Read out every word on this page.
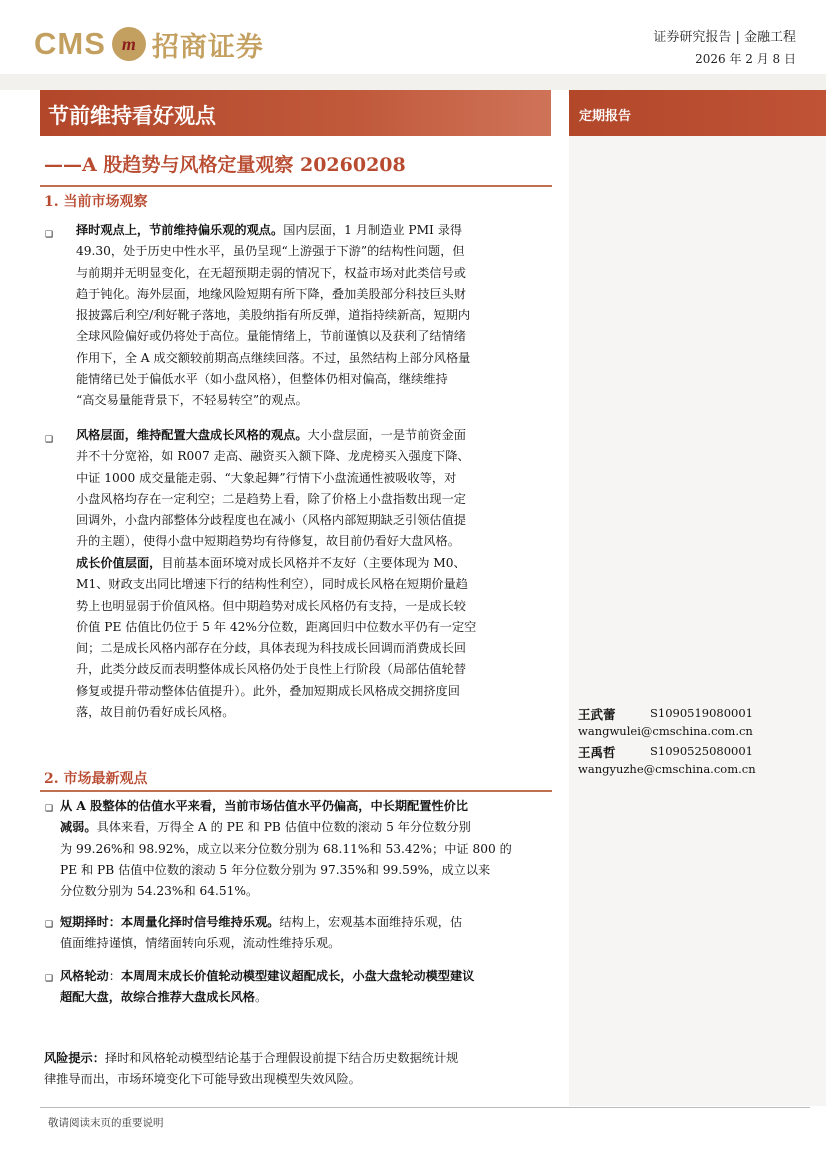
CMS m 招商证券	证券研究报告 | 金融工程
2026 年 2 月 8 日
节前维持看好观点
——A 股趋势与风格定量观察 20260208
定期报告
王武蕾	S1090519080001
wangwulei@cmschina.com.cn
王禹哲	S1090525080001
wangyuzhe@cmschina.com.cn
1. 当前市场观察
❑ 择时观点上，节前维持偏乐观的观点。国内层面，1 月制造业 PMI 录得
49.30，处于历史中性水平，虽仍呈现“上游强于下游”的结构性问题，但
与前期并无明显变化，在无超预期走弱的情况下，权益市场对此类信号或
趋于钝化。海外层面，地缘风险短期有所下降，叠加美股部分科技巨头财
报披露后利空/利好靴子落地，美股纳指有所反弹，道指持续新高，短期内
全球风险偏好或仍将处于高位。量能情绪上，节前谨慎以及获利了结情绪
作用下，全 A 成交额较前期高点继续回落。不过，虽然结构上部分风格量
能情绪已处于偏低水平（如小盘风格），但整体仍相对偏高，继续维持
“高交易量能背景下，不轻易转空”的观点。
❑ 风格层面，维持配置大盘成长风格的观点。大小盘层面，一是节前资金面
并不十分宽裕，如 R007 走高、融资买入额下降、龙虎榜买入强度下降、
中证 1000 成交量能走弱、“大象起舞”行情下小盘流通性被吸收等，对
小盘风格均存在一定利空；二是趋势上看，除了价格上小盘指数出现一定
回调外，小盘内部整体分歧程度也在减小（风格内部短期缺乏引领估值提
升的主题），使得小盘中短期趋势均有待修复，故目前仍看好大盘风格。
成长价值层面，目前基本面环境对成长风格并不友好（主要体现为 M0、
M1、财政支出同比增速下行的结构性利空），同时成长风格在短期价量趋
势上也明显弱于价值风格。但中期趋势对成长风格仍有支持，一是成长较
价值 PE 估值比仍位于 5 年 42%分位数，距离回归中位数水平仍有一定空
间；二是成长风格内部存在分歧，具体表现为科技成长回调而消费成长回
升，此类分歧反而表明整体成长风格仍处于良性上行阶段（局部估值轮替
修复或提升带动整体估值提升）。此外，叠加短期成长风格成交拥挤度回
落，故目前仍看好成长风格。
2. 市场最新观点
❑ 从 A 股整体的估值水平来看，当前市场估值水平仍偏高，中长期配置性价比
减弱。具体来看，万得全 A 的 PE 和 PB 估值中位数的滚动 5 年分位数分别
为 99.26%和 98.92%，成立以来分位数分别为 68.11%和 53.42%；中证 800 的
PE 和 PB 估值中位数的滚动 5 年分位数分别为 97.35%和 99.59%，成立以来
分位数分别为 54.23%和 64.51%。
❑ 短期择时：本周量化择时信号维持乐观。结构上，宏观基本面维持乐观，估
值面维持谨慎，情绪面转向乐观，流动性维持乐观。
❑ 风格轮动：本周周末成长价值轮动模型建议超配成长，小盘大盘轮动模型建议
超配大盘，故综合推荐大盘成长风格。
风险提示：择时和风格轮动模型结论基于合理假设前提下结合历史数据统计规
律推导而出，市场环境变化下可能导致出现模型失效风险。
敬请阅读末页的重要说明
